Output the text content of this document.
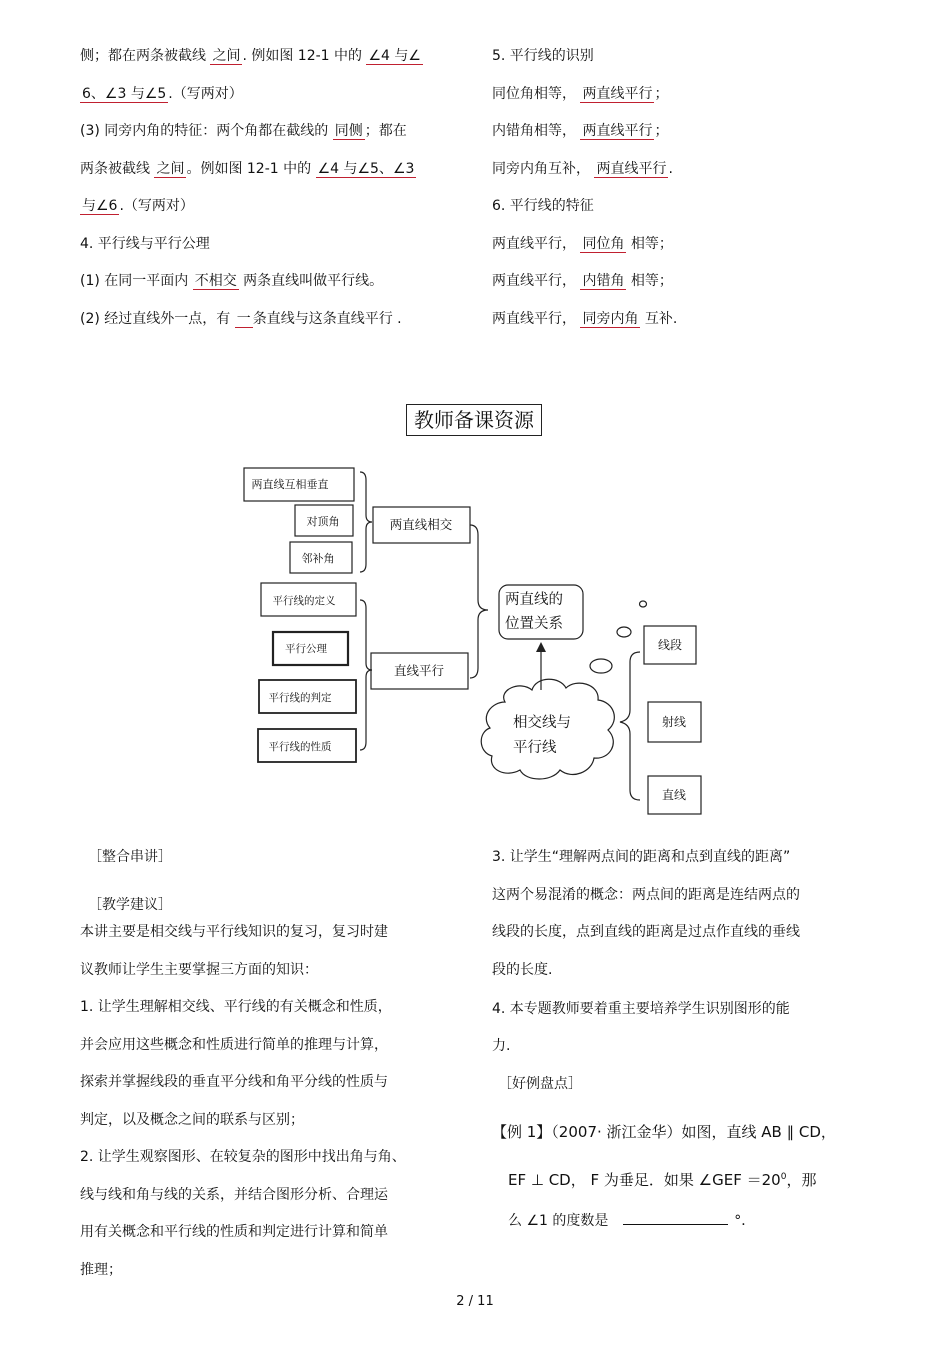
侧；都在两条被截线 之间 . 例如图 12-1 中的 ∠4 与∠
6、∠3 与∠5 .（写两对）
(3) 同旁内角的特征：两个角都在截线的 同侧 ；都在
两条被截线 之间 。例如图 12-1 中的 ∠4 与∠5、∠3
与∠6 .（写两对）
4. 平行线与平行公理
(1) 在同一平面内 不相交 两条直线叫做平行线。
(2) 经过直线外一点，有 一 条直线与这条直线平行 .
5. 平行线的识别
同位角相等， 两直线平行 ；
内错角相等， 两直线平行 ；
同旁内角互补， 两直线平行 .
6. 平行线的特征
两直线平行， 同位角 相等；
两直线平行， 内错角 相等；
两直线平行， 同旁内角 互补.
教师备课资源
两直线互相垂直
对顶角
邻补角
平行线的定义
平行公理
平行线的判定
平行线的性质
线段
射线
直线
两直线相交
直线平行
两直线的
位置关系
相交线与
平行线
［整合串讲］
［教学建议］
本讲主要是相交线与平行线知识的复习，复习时建
议教师让学生主要掌握三方面的知识：
1. 让学生理解相交线、平行线的有关概念和性质，
并会应用这些概念和性质进行简单的推理与计算，
探索并掌握线段的垂直平分线和角平分线的性质与
判定，以及概念之间的联系与区别；
2. 让学生观察图形、在较复杂的图形中找出角与角、
线与线和角与线的关系，并结合图形分析、合理运
用有关概念和平行线的性质和判定进行计算和简单
推理；
3. 让学生“理解两点间的距离和点到直线的距离”
这两个易混淆的概念：两点间的距离是连结两点的
线段的长度，点到直线的距离是过点作直线的垂线
段的长度.
4. 本专题教师要着重主要培养学生识别图形的能
力.
［好例盘点］
【例 1】（2007· 浙江金华）如图，直线 AB ∥ CD，
EF ⊥ CD， F 为垂足．如果 ∠GEF $=20^0$，那
么 ∠1 的度数是	°．
2 / 11
